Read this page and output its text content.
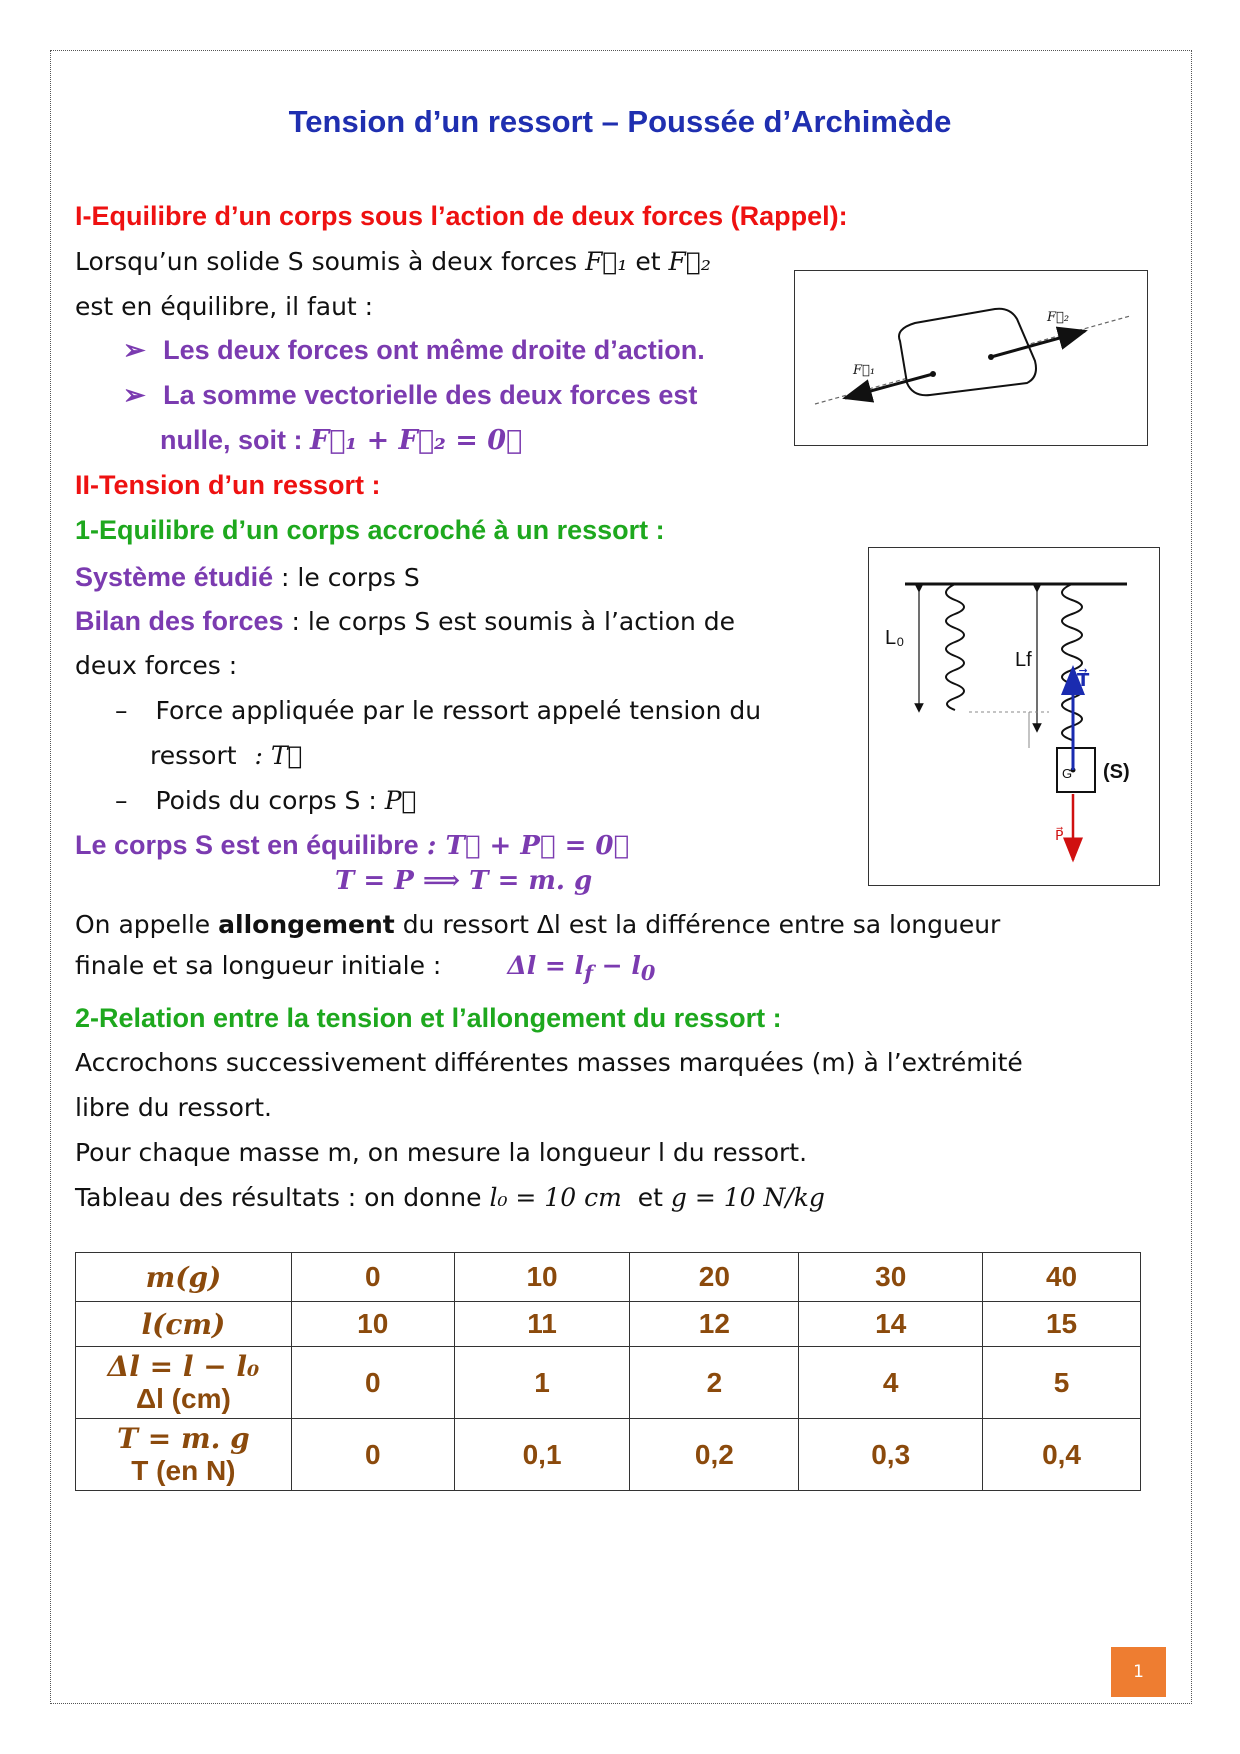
Tension d’un ressort – Poussée d’Archimède
I-Equilibre d’un corps sous l’action de deux forces (Rappel):
Lorsqu’un solide S soumis à deux forces F⃗₁ et F⃗₂
est en équilibre, il faut :
➢ Les deux forces ont même droite d’action.
➢ La somme vectorielle des deux forces est
nulle, soit : F⃗₁ + F⃗₂ = 0⃗
F⃗₁
F⃗₂
II-Tension d’un ressort :
1-Equilibre d’un corps accroché à un ressort :
Système étudié : le corps S
Bilan des forces : le corps S est soumis à l’action de
deux forces :
– Force appliquée par le ressort appelé tension du
ressort : T⃗
– Poids du corps S : P⃗
Le corps S est en équilibre : T⃗ + P⃗ = 0⃗
T = P ⟹ T = m. g
L₀
Lf
T⃗
G (S)
P⃗
On appelle allongement du ressort Δl est la différence entre sa longueur
finale et sa longueur initiale :	$\Delta l = l_f - l_0$
2-Relation entre la tension et l’allongement du ressort :
Accrochons successivement différentes masses marquées (m) à l’extrémité
libre du ressort.
Pour chaque masse m, on mesure la longueur l du ressort.
Tableau des résultats : on donne l₀ = 10 cm et g = 10 N/kg
m(g)	0	10	20	30	40

l(cm)	10	11	12	14	15

Δl = l − l₀
Δl (cm)	0	1	2	4	5

T = m. g
T (en N)	0	0,1	0,2	0,3	0,4
1
